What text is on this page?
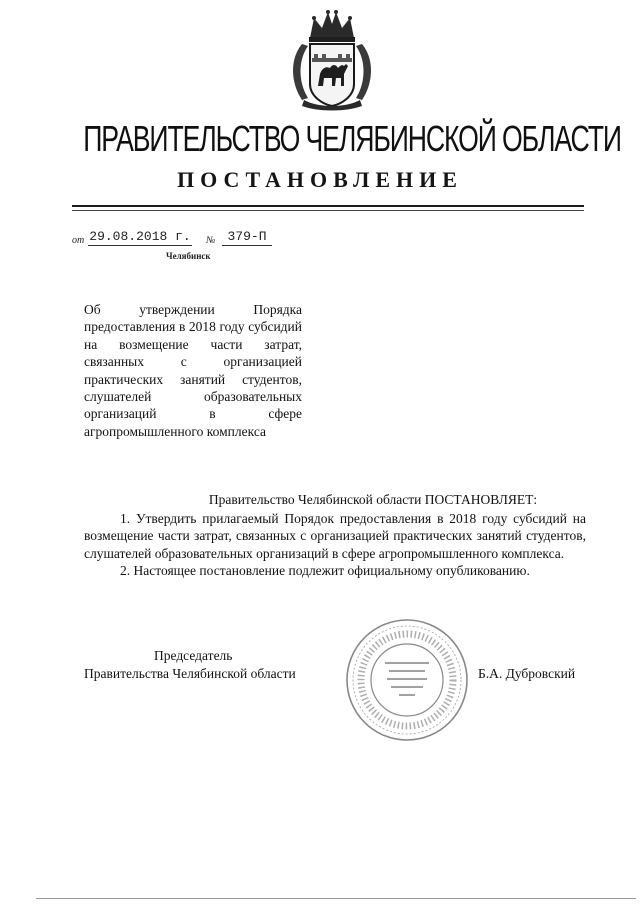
ПРАВИТЕЛЬСТВО ЧЕЛЯБИНСКОЙ ОБЛАСТИ
ПОСТАНОВЛЕНИЕ
от 29.08.2018 г. № 379-П
Челябинск
Об утверждении Порядка предоставления в 2018 году субсидий на возмещение части затрат, связанных с организацией практических занятий студентов, слушателей образовательных организаций в сфере агропромышленного комплекса

Правительство Челябинской области ПОСТАНОВЛЯЕТ:

1. Утвердить прилагаемый Порядок предоставления в 2018 году субсидий на возмещение части затрат, связанных с организацией практических занятий студентов, слушателей образовательных организаций в сфере агропромышленного комплекса.

2. Настоящее постановление подлежит официальному опубликованию.

Председатель
Правительства Челябинской области	Б.А. Дубровский
